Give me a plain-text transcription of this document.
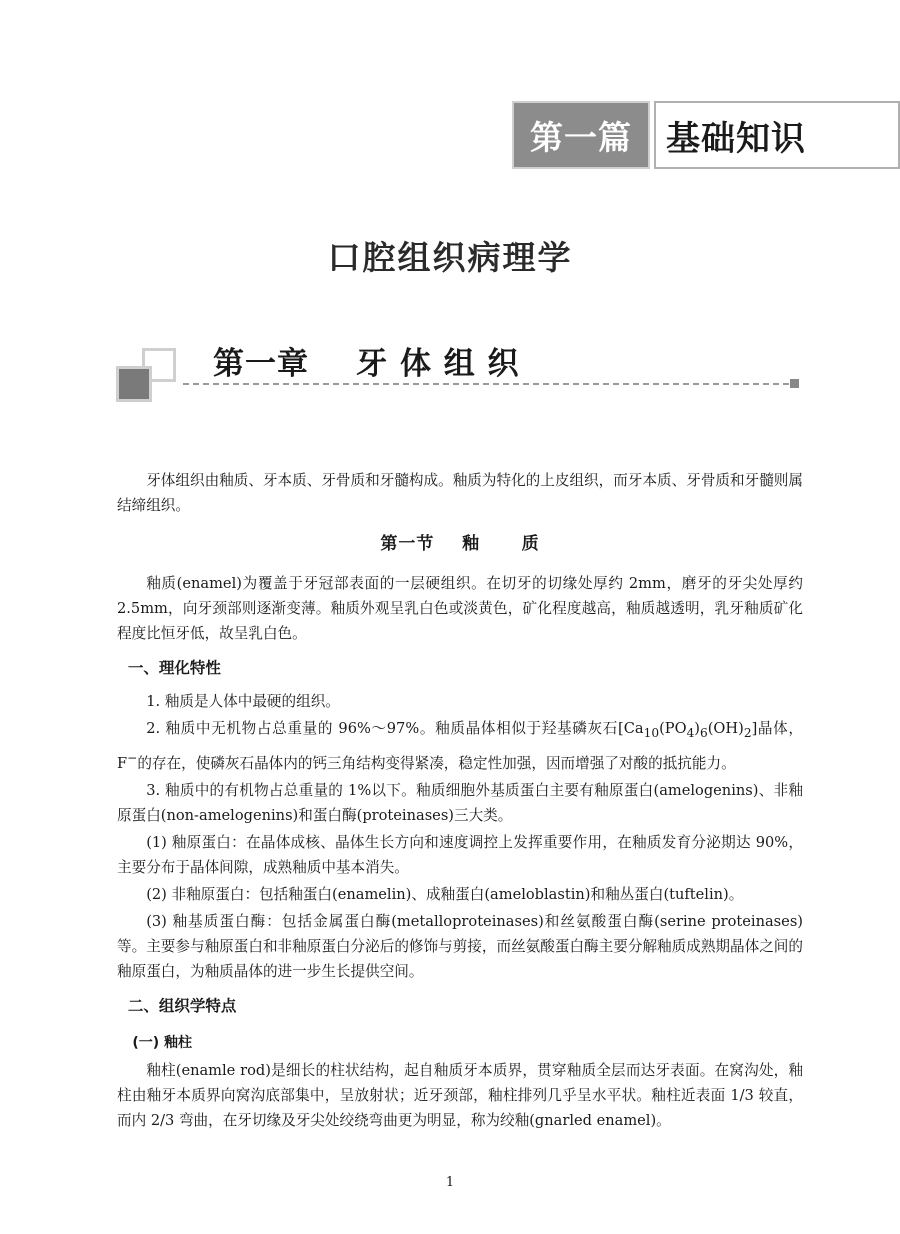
第一篇	基础知识
口腔组织病理学
第一章    牙 体 组 织

牙体组织由釉质、牙本质、牙骨质和牙髓构成。釉质为特化的上皮组织，而牙本质、牙骨质和牙髓则属结缔组织。

第一节    釉      质

釉质(enamel)为覆盖于牙冠部表面的一层硬组织。在切牙的切缘处厚约 2mm，磨牙的牙尖处厚约 2.5mm，向牙颈部则逐渐变薄。釉质外观呈乳白色或淡黄色，矿化程度越高，釉质越透明，乳牙釉质矿化程度比恒牙低，故呈乳白色。

一、理化特性

1. 釉质是人体中最硬的组织。

2. 釉质中无机物占总重量的 96%～97%。釉质晶体相似于羟基磷灰石$[Ca_{10}(PO_4)_6(OH)_2]$晶体，F−的存在，使磷灰石晶体内的钙三角结构变得紧凑，稳定性加强，因而增强了对酸的抵抗能力。

3. 釉质中的有机物占总重量的 1%以下。釉质细胞外基质蛋白主要有釉原蛋白(amelogenins)、非釉原蛋白(non-amelogenins)和蛋白酶(proteinases)三大类。

(1) 釉原蛋白：在晶体成核、晶体生长方向和速度调控上发挥重要作用，在釉质发育分泌期达 90%，主要分布于晶体间隙，成熟釉质中基本消失。

(2) 非釉原蛋白：包括釉蛋白(enamelin)、成釉蛋白(ameloblastin)和釉丛蛋白(tuftelin)。

(3) 釉基质蛋白酶：包括金属蛋白酶(metalloproteinases)和丝氨酸蛋白酶(serine proteinases)等。主要参与釉原蛋白和非釉原蛋白分泌后的修饰与剪接，而丝氨酸蛋白酶主要分解釉质成熟期晶体之间的釉原蛋白，为釉质晶体的进一步生长提供空间。

二、组织学特点
(一) 釉柱

釉柱(enamle rod)是细长的柱状结构，起自釉质牙本质界，贯穿釉质全层而达牙表面。在窝沟处，釉柱由釉牙本质界向窝沟底部集中，呈放射状；近牙颈部，釉柱排列几乎呈水平状。釉柱近表面 1/3 较直，而内 2/3 弯曲，在牙切缘及牙尖处绞绕弯曲更为明显，称为绞釉(gnarled enamel)。

1
